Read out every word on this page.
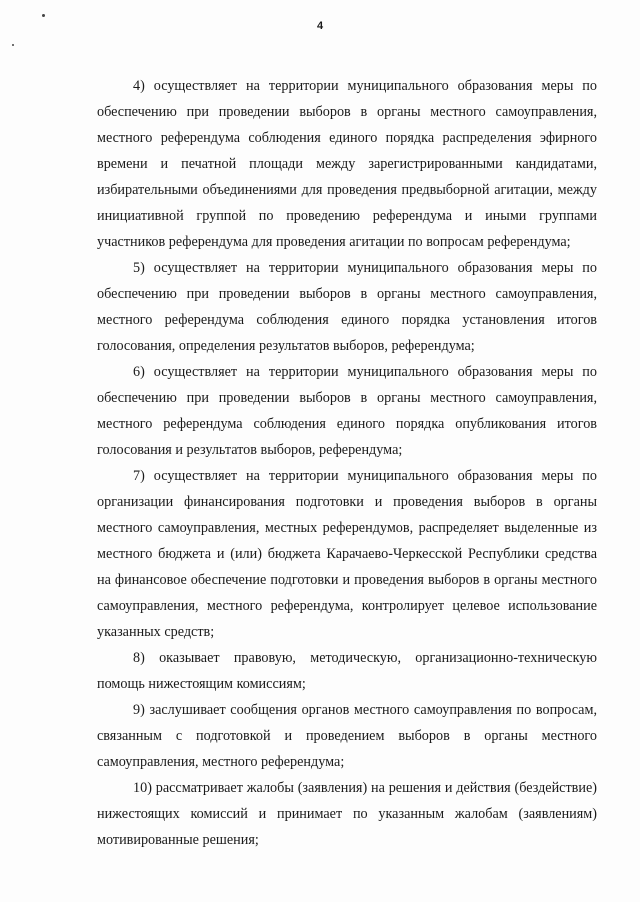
4

4) осуществляет на территории муниципального образования меры по обеспечению при проведении выборов в органы местного самоуправления, местного референдума соблюдения единого порядка распределения эфирного времени и печатной площади между зарегистрированными кандидатами, избирательными объединениями для проведения предвыборной агитации, между инициативной группой по проведению референдума и иными группами участников референдума для проведения агитации по вопросам референдума;

5) осуществляет на территории муниципального образования меры по обеспечению при проведении выборов в органы местного самоуправления, местного референдума соблюдения единого порядка установления итогов голосования, определения результатов выборов, референдума;

6) осуществляет на территории муниципального образования меры по обеспечению при проведении выборов в органы местного самоуправления, местного референдума соблюдения единого порядка опубликования итогов голосования и результатов выборов, референдума;

7) осуществляет на территории муниципального образования меры по организации финансирования подготовки и проведения выборов в органы местного самоуправления, местных референдумов, распределяет выделенные из местного бюджета и (или) бюджета Карачаево-Черкесской Республики средства на финансовое обеспечение подготовки и проведения выборов в органы местного самоуправления, местного референдума, контролирует целевое использование указанных средств;

8) оказывает правовую, методическую, организационно-техническую помощь нижестоящим комиссиям;

9) заслушивает сообщения органов местного самоуправления по вопросам, связанным с подготовкой и проведением выборов в органы местного самоуправления, местного референдума;

10) рассматривает жалобы (заявления) на решения и действия (бездействие) нижестоящих комиссий и принимает по указанным жалобам (заявлениям) мотивированные решения;
